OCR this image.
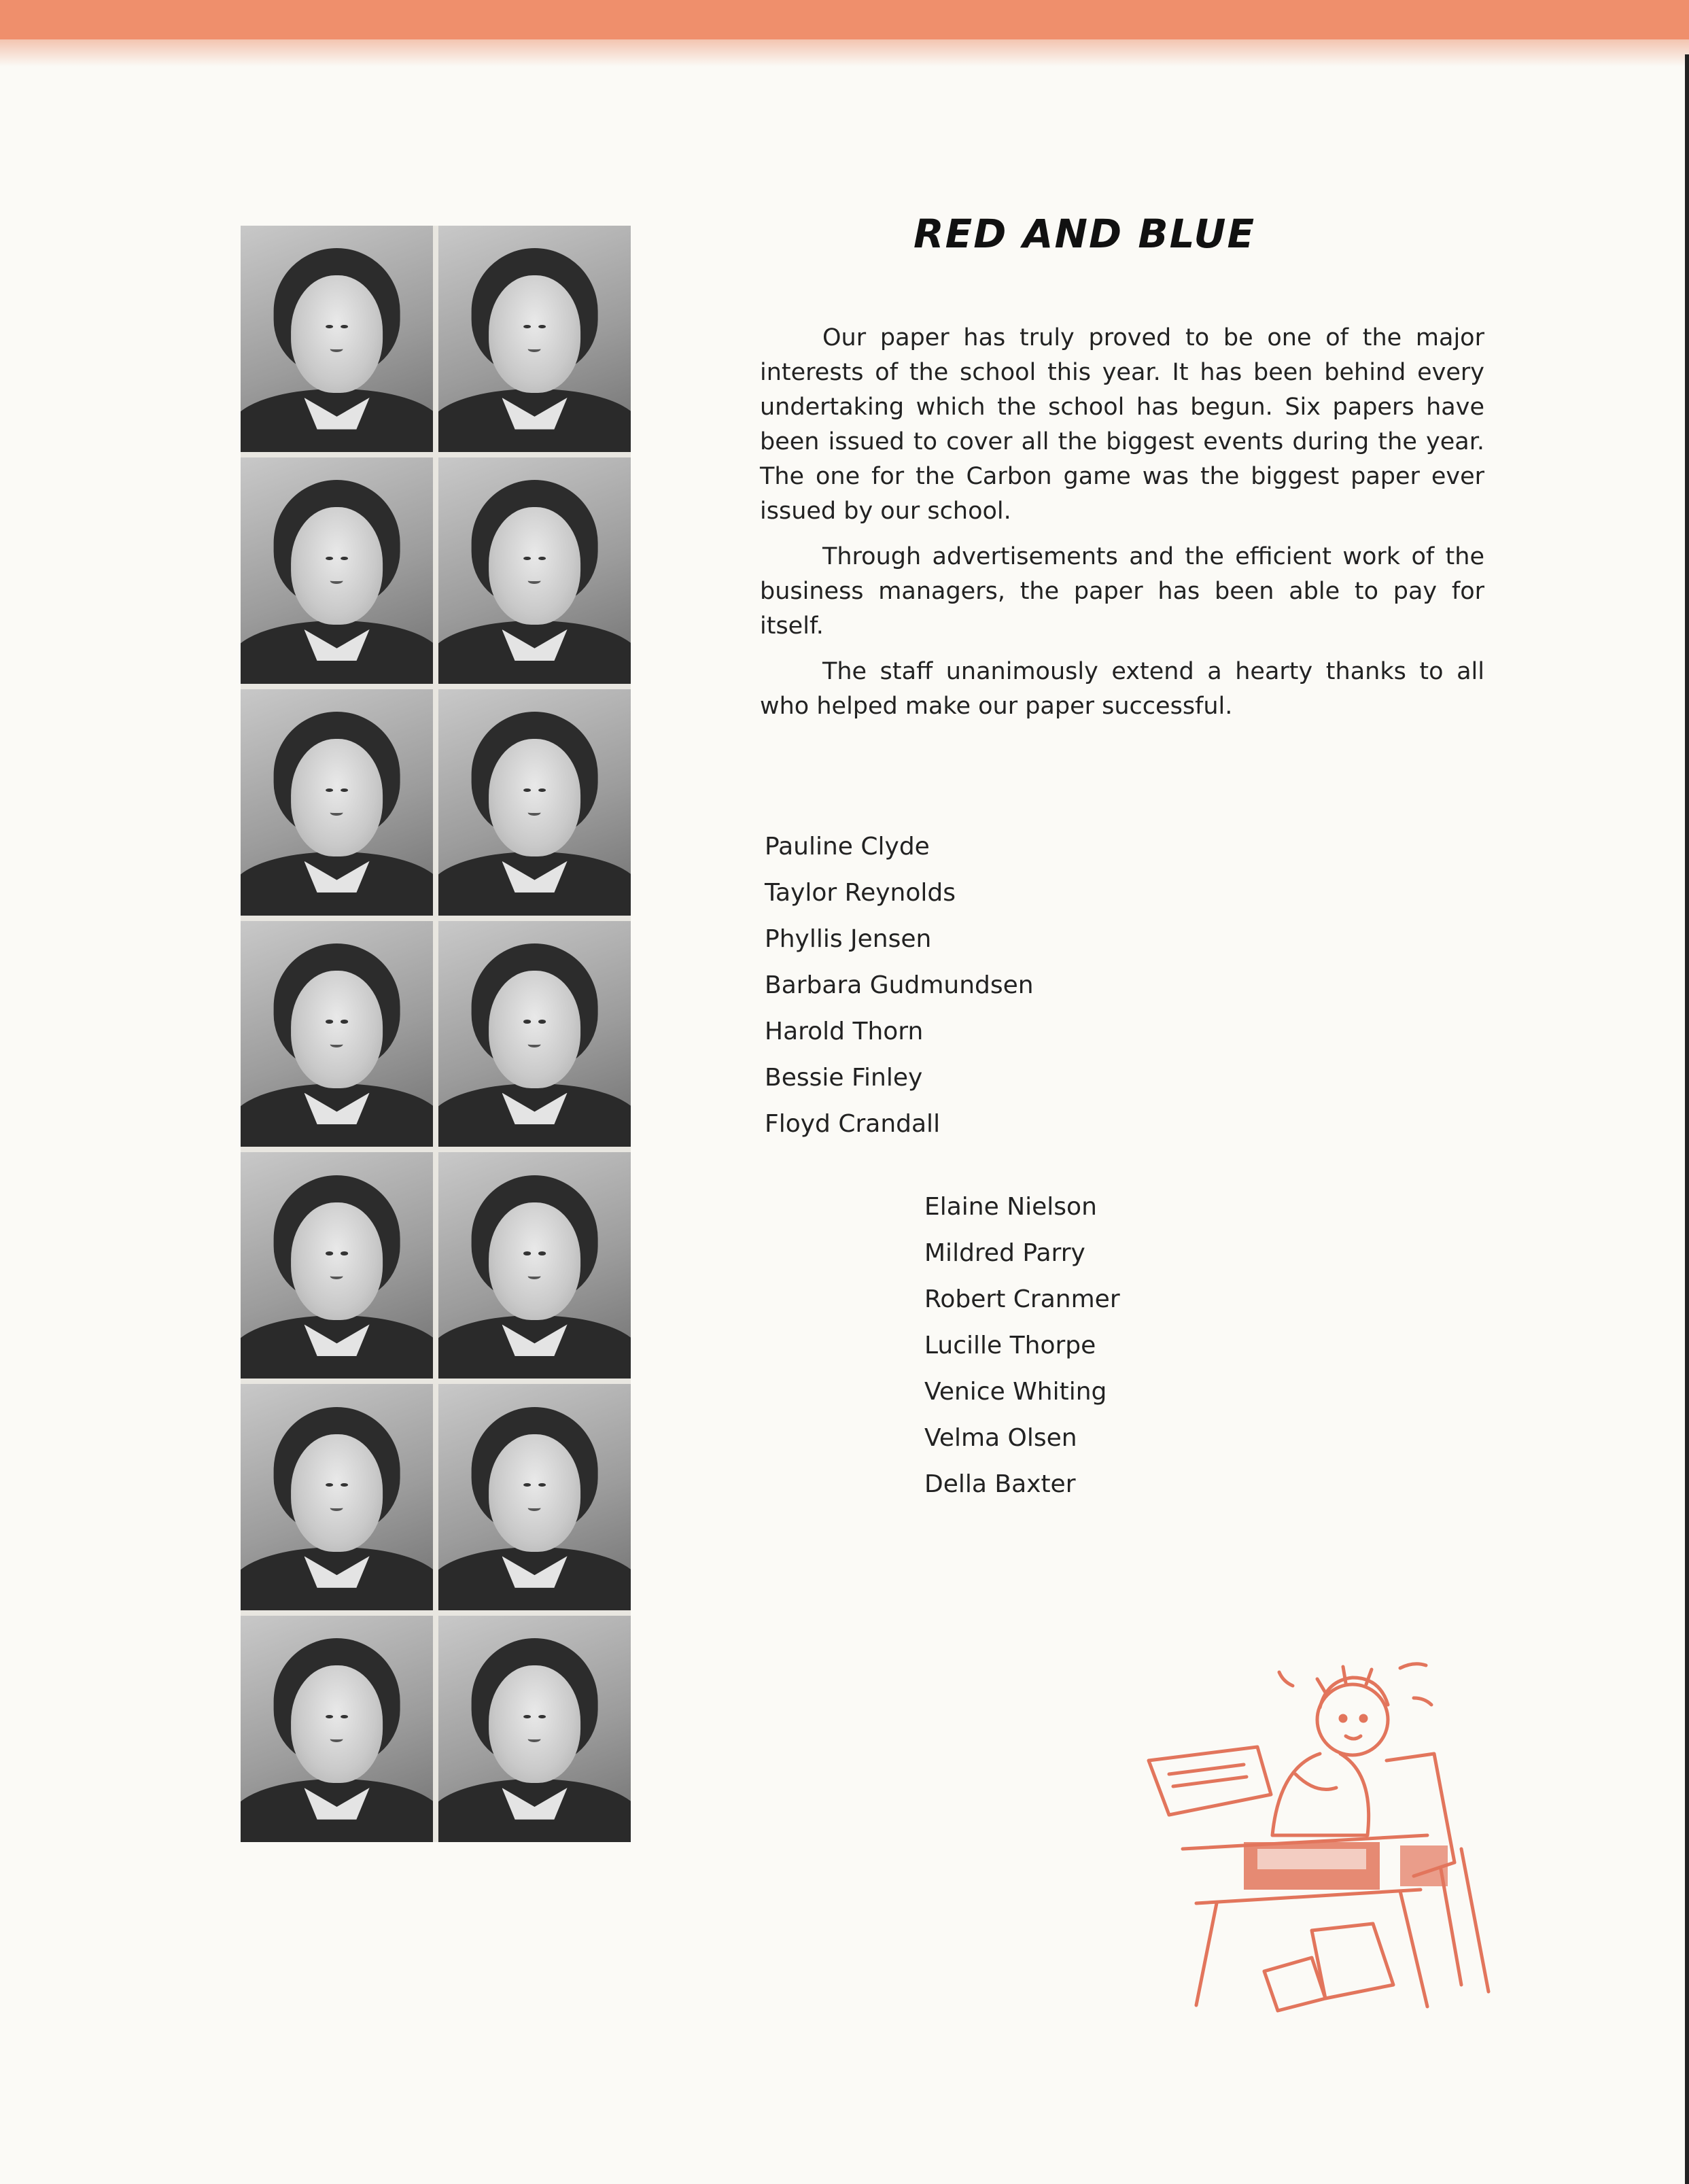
RED AND BLUE

Our paper has truly proved to be one of the major interests of the school this year. It has been behind every undertaking which the school has begun. Six papers have been issued to cover all the biggest events during the year. The one for the Carbon game was the biggest paper ever issued by our school.

Through advertisements and the efficient work of the business managers, the paper has been able to pay for itself.

The staff unanimously extend a hearty thanks to all who helped make our paper successful.

Pauline Clyde
Taylor Reynolds
Phyllis Jensen
Barbara Gudmundsen
Harold Thorn
Bessie Finley
Floyd Crandall
Elaine Nielson
Mildred Parry
Robert Cranmer
Lucille Thorpe
Venice Whiting
Velma Olsen
Della Baxter
